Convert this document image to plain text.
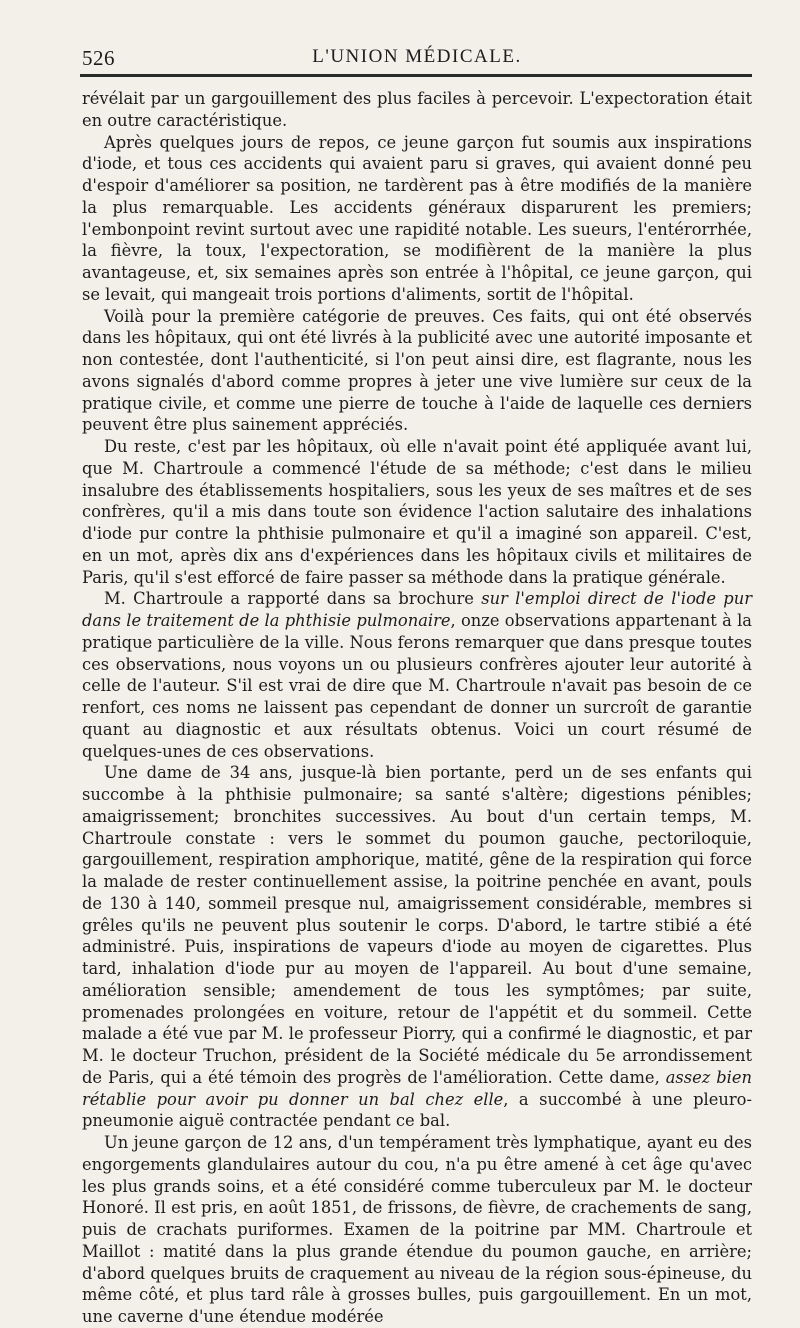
526	L'UNION MÉDICALE.

révélait par un gargouillement des plus faciles à percevoir. L'expectoration était en outre caractéristique.

Après quelques jours de repos, ce jeune garçon fut soumis aux inspirations d'iode, et tous ces accidents qui avaient paru si graves, qui avaient donné peu d'espoir d'améliorer sa position, ne tardèrent pas à être modifiés de la manière la plus remarquable. Les accidents généraux disparurent les premiers; l'embonpoint revint surtout avec une rapidité notable. Les sueurs, l'entérorrhée, la fièvre, la toux, l'expectoration, se modifièrent de la manière la plus avantageuse, et, six semaines après son entrée à l'hôpital, ce jeune garçon, qui se levait, qui mangeait trois portions d'aliments, sortit de l'hôpital.

Voilà pour la première catégorie de preuves. Ces faits, qui ont été observés dans les hôpitaux, qui ont été livrés à la publicité avec une autorité imposante et non contestée, dont l'authenticité, si l'on peut ainsi dire, est flagrante, nous les avons signalés d'abord comme propres à jeter une vive lumière sur ceux de la pratique civile, et comme une pierre de touche à l'aide de laquelle ces derniers peuvent être plus sainement appréciés.

Du reste, c'est par les hôpitaux, où elle n'avait point été appliquée avant lui, que M. Chartroule a commencé l'étude de sa méthode; c'est dans le milieu insalubre des établissements hospitaliers, sous les yeux de ses maîtres et de ses confrères, qu'il a mis dans toute son évidence l'action salutaire des inhalations d'iode pur contre la phthisie pulmonaire et qu'il a imaginé son appareil. C'est, en un mot, après dix ans d'expériences dans les hôpitaux civils et militaires de Paris, qu'il s'est efforcé de faire passer sa méthode dans la pratique générale.

M. Chartroule a rapporté dans sa brochure sur l'emploi direct de l'iode pur dans le traitement de la phthisie pulmonaire, onze observations appartenant à la pratique particulière de la ville. Nous ferons remarquer que dans presque toutes ces observations, nous voyons un ou plusieurs confrères ajouter leur autorité à celle de l'auteur. S'il est vrai de dire que M. Chartroule n'avait pas besoin de ce renfort, ces noms ne laissent pas cependant de donner un surcroît de garantie quant au diagnostic et aux résultats obtenus. Voici un court résumé de quelques-unes de ces observations.

Une dame de 34 ans, jusque-là bien portante, perd un de ses enfants qui succombe à la phthisie pulmonaire; sa santé s'altère; digestions pénibles; amaigrissement; bronchites successives. Au bout d'un certain temps, M. Chartroule constate : vers le sommet du poumon gauche, pectoriloquie, gargouillement, respiration amphorique, matité, gêne de la respiration qui force la malade de rester continuellement assise, la poitrine penchée en avant, pouls de 130 à 140, sommeil presque nul, amaigrissement considérable, membres si grêles qu'ils ne peuvent plus soutenir le corps. D'abord, le tartre stibié a été administré. Puis, inspirations de vapeurs d'iode au moyen de cigarettes. Plus tard, inhalation d'iode pur au moyen de l'appareil. Au bout d'une semaine, amélioration sensible; amendement de tous les symptômes; par suite, promenades prolongées en voiture, retour de l'appétit et du sommeil. Cette malade a été vue par M. le professeur Piorry, qui a confirmé le diagnostic, et par M. le docteur Truchon, président de la Société médicale du 5e arrondissement de Paris, qui a été témoin des progrès de l'amélioration. Cette dame, assez bien rétablie pour avoir pu donner un bal chez elle, a succombé à une pleuro-pneumonie aiguë contractée pendant ce bal.

Un jeune garçon de 12 ans, d'un tempérament très lymphatique, ayant eu des engorgements glandulaires autour du cou, n'a pu être amené à cet âge qu'avec les plus grands soins, et a été considéré comme tuberculeux par M. le docteur Honoré. Il est pris, en août 1851, de frissons, de fièvre, de crachements de sang, puis de crachats puriformes. Examen de la poitrine par MM. Chartroule et Maillot : matité dans la plus grande étendue du poumon gauche, en arrière; d'abord quelques bruits de craquement au niveau de la région sous-épineuse, du même côté, et plus tard râle à grosses bulles, puis gargouillement. En un mot, une caverne d'une étendue modérée
